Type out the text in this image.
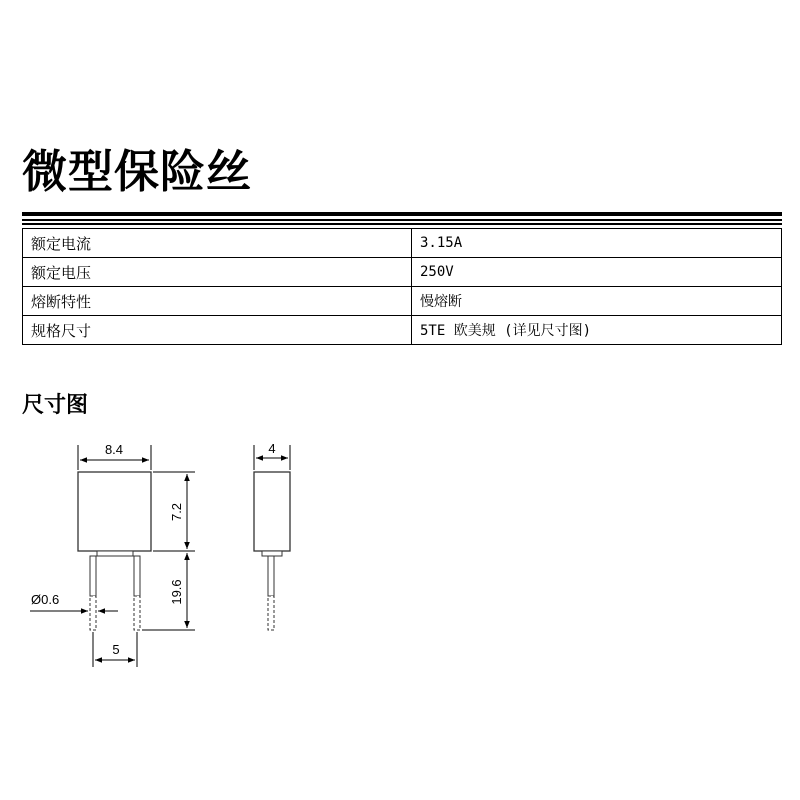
微型保险丝
额定电流	3.15A
额定电压	250V
熔断特性	慢熔断
规格尺寸	5TE 欧美规 (详见尺寸图)
尺寸图
8.4
7.2
19.6
Ø0.6
5
4
